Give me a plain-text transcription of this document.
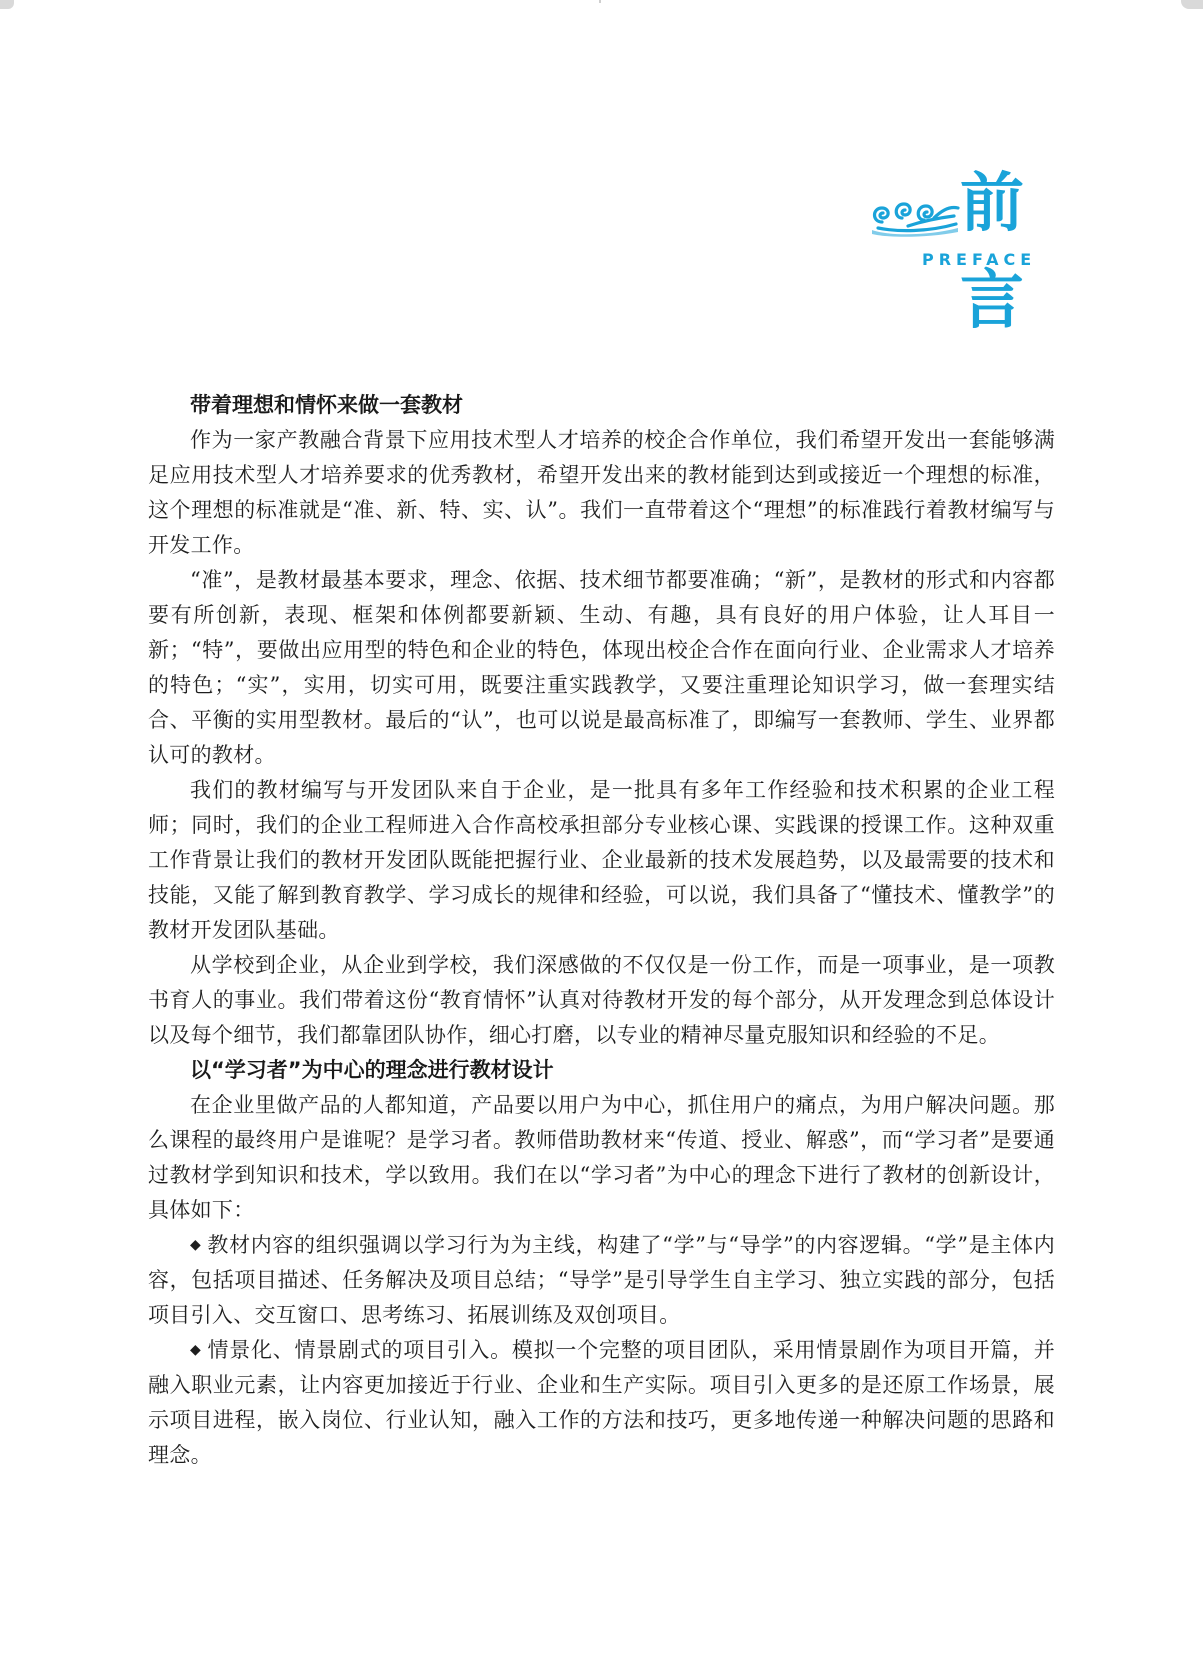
前
PREFACE
言
带着理想和情怀来做一套教材

作为一家产教融合背景下应用技术型人才培养的校企合作单位，我们希望开发出一套能够满足应用技术型人才培养要求的优秀教材，希望开发出来的教材能到达到或接近一个理想的标准，这个理想的标准就是“准、新、特、实、认”。我们一直带着这个“理想”的标准践行着教材编写与开发工作。

“准”，是教材最基本要求，理念、依据、技术细节都要准确；“新”，是教材的形式和内容都要有所创新，表现、框架和体例都要新颖、生动、有趣，具有良好的用户体验，让人耳目一新；“特”，要做出应用型的特色和企业的特色，体现出校企合作在面向行业、企业需求人才培养的特色；“实”，实用，切实可用，既要注重实践教学，又要注重理论知识学习，做一套理实结合、平衡的实用型教材。最后的“认”，也可以说是最高标准了，即编写一套教师、学生、业界都认可的教材。

我们的教材编写与开发团队来自于企业，是一批具有多年工作经验和技术积累的企业工程师；同时，我们的企业工程师进入合作高校承担部分专业核心课、实践课的授课工作。这种双重工作背景让我们的教材开发团队既能把握行业、企业最新的技术发展趋势，以及最需要的技术和技能，又能了解到教育教学、学习成长的规律和经验，可以说，我们具备了“懂技术、懂教学”的教材开发团队基础。

从学校到企业，从企业到学校，我们深感做的不仅仅是一份工作，而是一项事业，是一项教书育人的事业。我们带着这份“教育情怀”认真对待教材开发的每个部分，从开发理念到总体设计以及每个细节，我们都靠团队协作，细心打磨，以专业的精神尽量克服知识和经验的不足。

以“学习者”为中心的理念进行教材设计

在企业里做产品的人都知道，产品要以用户为中心，抓住用户的痛点，为用户解决问题。那么课程的最终用户是谁呢？是学习者。教师借助教材来“传道、授业、解惑”，而“学习者”是要通过教材学到知识和技术，学以致用。我们在以“学习者”为中心的理念下进行了教材的创新设计，具体如下：

◆ 教材内容的组织强调以学习行为为主线，构建了“学”与“导学”的内容逻辑。“学”是主体内容，包括项目描述、任务解决及项目总结；“导学”是引导学生自主学习、独立实践的部分，包括项目引入、交互窗口、思考练习、拓展训练及双创项目。

◆ 情景化、情景剧式的项目引入。模拟一个完整的项目团队，采用情景剧作为项目开篇，并融入职业元素，让内容更加接近于行业、企业和生产实际。项目引入更多的是还原工作场景，展示项目进程，嵌入岗位、行业认知，融入工作的方法和技巧，更多地传递一种解决问题的思路和理念。
